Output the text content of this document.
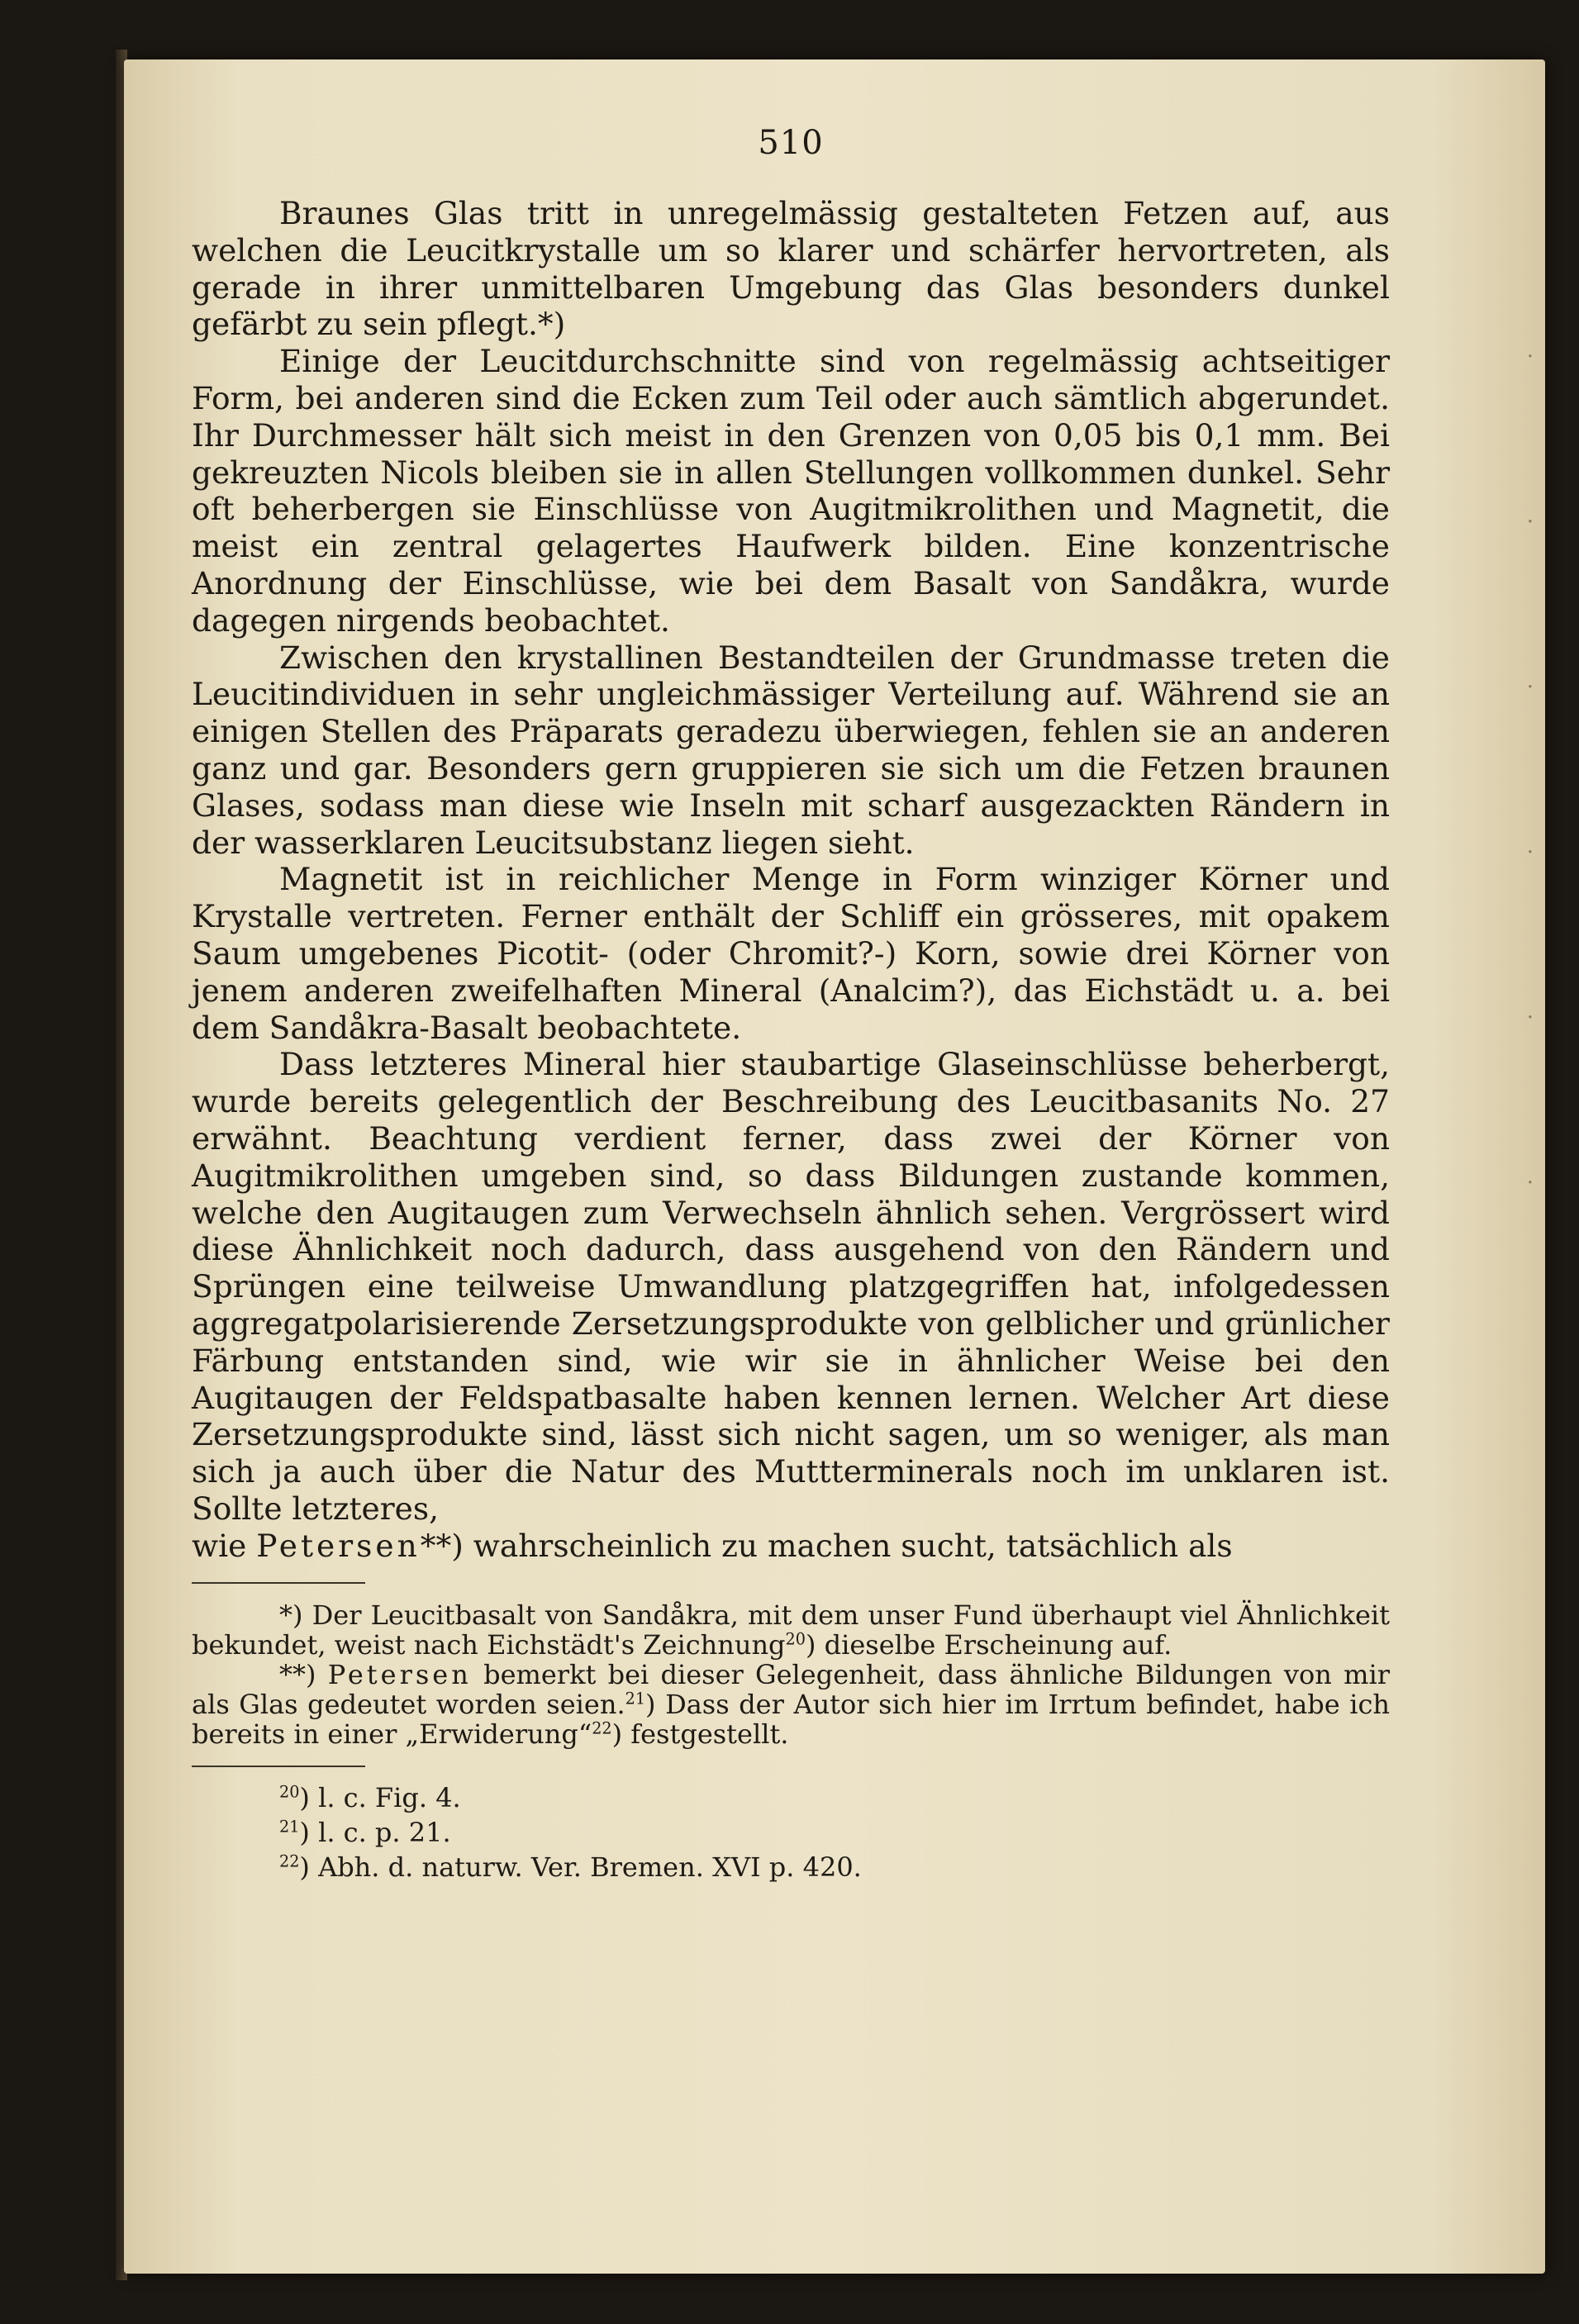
·
·
·
·
·
·
510

Braunes Glas tritt in unregelmässig gestalteten Fetzen auf, aus welchen die Leucitkrystalle um so klarer und schärfer hervortreten, als gerade in ihrer unmittelbaren Umgebung das Glas besonders dunkel gefärbt zu sein pflegt.*)

Einige der Leucitdurchschnitte sind von regelmässig achtseitiger Form, bei anderen sind die Ecken zum Teil oder auch sämtlich abgerundet. Ihr Durchmesser hält sich meist in den Grenzen von 0,05 bis 0,1 mm. Bei gekreuzten Nicols bleiben sie in allen Stellungen vollkommen dunkel. Sehr oft beherbergen sie Einschlüsse von Augitmikrolithen und Magnetit, die meist ein zentral gelagertes Haufwerk bilden. Eine konzentrische Anordnung der Einschlüsse, wie bei dem Basalt von Sandåkra, wurde dagegen nirgends beobachtet.

Zwischen den krystallinen Bestandteilen der Grundmasse treten die Leucitindividuen in sehr ungleichmässiger Verteilung auf. Während sie an einigen Stellen des Präparats geradezu überwiegen, fehlen sie an anderen ganz und gar. Besonders gern gruppieren sie sich um die Fetzen braunen Glases, sodass man diese wie Inseln mit scharf ausgezackten Rändern in der wasserklaren Leucitsubstanz liegen sieht.

Magnetit ist in reichlicher Menge in Form winziger Körner und Krystalle vertreten. Ferner enthält der Schliff ein grösseres, mit opakem Saum umgebenes Picotit- (oder Chromit?-) Korn, sowie drei Körner von jenem anderen zweifelhaften Mineral (Analcim?), das Eichstädt u. a. bei dem Sandåkra-Basalt beobachtete.

Dass letzteres Mineral hier staubartige Glaseinschlüsse beherbergt, wurde bereits gelegentlich der Beschreibung des Leucitbasanits No. 27 erwähnt. Beachtung verdient ferner, dass zwei der Körner von Augitmikrolithen umgeben sind, so dass Bildungen zustande kommen, welche den Augitaugen zum Verwechseln ähnlich sehen. Vergrössert wird diese Ähnlichkeit noch dadurch, dass ausgehend von den Rändern und Sprüngen eine teilweise Umwandlung platzgegriffen hat, infolgedessen aggregatpolarisierende Zersetzungsprodukte von gelblicher und grünlicher Färbung entstanden sind, wie wir sie in ähnlicher Weise bei den Augitaugen der Feldspatbasalte haben kennen lernen. Welcher Art diese Zersetzungsprodukte sind, lässt sich nicht sagen, um so weniger, als man sich ja auch über die Natur des Muttterminerals noch im unklaren ist. Sollte letzteres,

wie Petersen**) wahrscheinlich zu machen sucht, tatsächlich als

*) Der Leucitbasalt von Sandåkra, mit dem unser Fund überhaupt viel Ähnlichkeit bekundet, weist nach Eichstädt's Zeichnung$^{20}$) dieselbe Erscheinung auf.

**) Petersen bemerkt bei dieser Gelegenheit, dass ähnliche Bildungen von mir als Glas gedeutet worden seien.$^{21}$) Dass der Autor sich hier im Irrtum befindet, habe ich bereits in einer „Erwiderung“$^{22}$) festgestellt.

$^{20}$) l. c. Fig. 4.

$^{21}$) l. c. p. 21.

$^{22}$) Abh. d. naturw. Ver. Bremen. XVI p. 420.
